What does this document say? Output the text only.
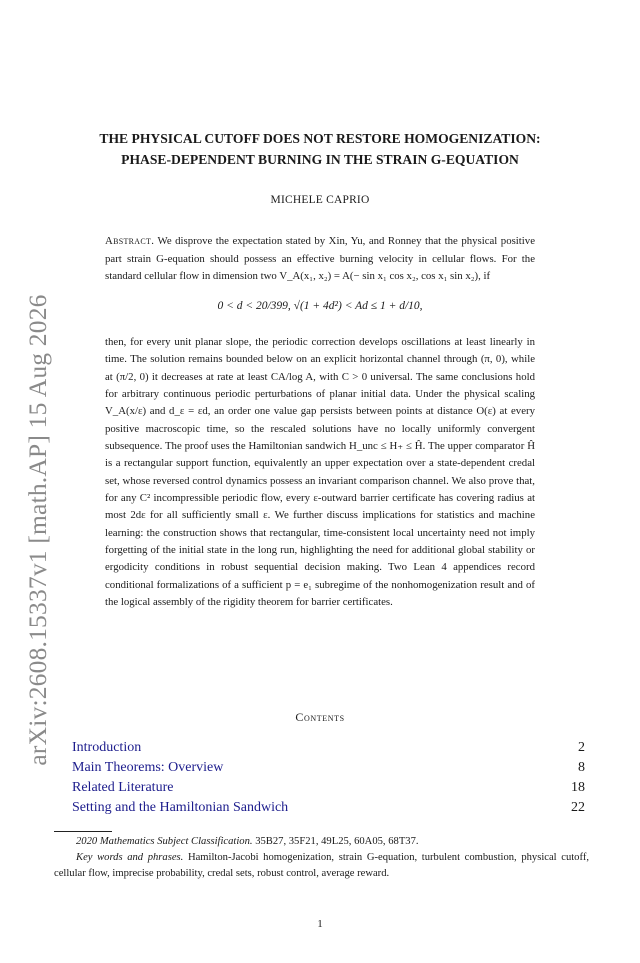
arXiv:2608.15337v1 [math.AP] 15 Aug 2026
THE PHYSICAL CUTOFF DOES NOT RESTORE HOMOGENIZATION:
PHASE-DEPENDENT BURNING IN THE STRAIN G-EQUATION
MICHELE CAPRIO
Abstract. We disprove the expectation stated by Xin, Yu, and Ronney that the physical positive part strain G-equation should possess an effective burning velocity in cellular flows. For the standard cellular flow in dimension two V_A(x₁, x₂) = A(− sin x₁ cos x₂, cos x₁ sin x₂), if
0 < d < 20/399, √(1 + 4d²) < Ad ≤ 1 + d/10,
then, for every unit planar slope, the periodic correction develops oscillations at least linearly in time. The solution remains bounded below on an explicit horizontal channel through (π, 0), while at (π/2, 0) it decreases at rate at least CA/log A, with C > 0 universal. The same conclusions hold for arbitrary continuous periodic perturbations of planar initial data. Under the physical scaling V_A(x/ε) and d_ε = εd, an order one value gap persists between points at distance O(ε) at every positive macroscopic time, so the rescaled solutions have no locally uniformly convergent subsequence. The proof uses the Hamiltonian sandwich H_unc ≤ H₊ ≤ Ĥ. The upper comparator Ĥ is a rectangular support function, equivalently an upper expectation over a state-dependent credal set, whose reversed control dynamics possess an invariant comparison channel. We also prove that, for any C² incompressible periodic flow, every ε-outward barrier certificate has covering radius at most 2dε for all sufficiently small ε. We further discuss implications for statistics and machine learning: the construction shows that rectangular, time-consistent local uncertainty need not imply forgetting of the initial state in the long run, highlighting the need for additional global stability or ergodicity conditions in robust sequential decision making. Two Lean 4 appendices record conditional formalizations of a sufficient p = e₁ subregime of the nonhomogenization result and of the logical assembly of the rigidity theorem for barrier certificates.
Contents
Introduction	2
Main Theorems: Overview	8
Related Literature	18
Setting and the Hamiltonian Sandwich	22
2020 Mathematics Subject Classification. 35B27, 35F21, 49L25, 60A05, 68T37.
Key words and phrases. Hamilton-Jacobi homogenization, strain G-equation, turbulent combustion, physical cutoff, cellular flow, imprecise probability, credal sets, robust control, average reward.
1
